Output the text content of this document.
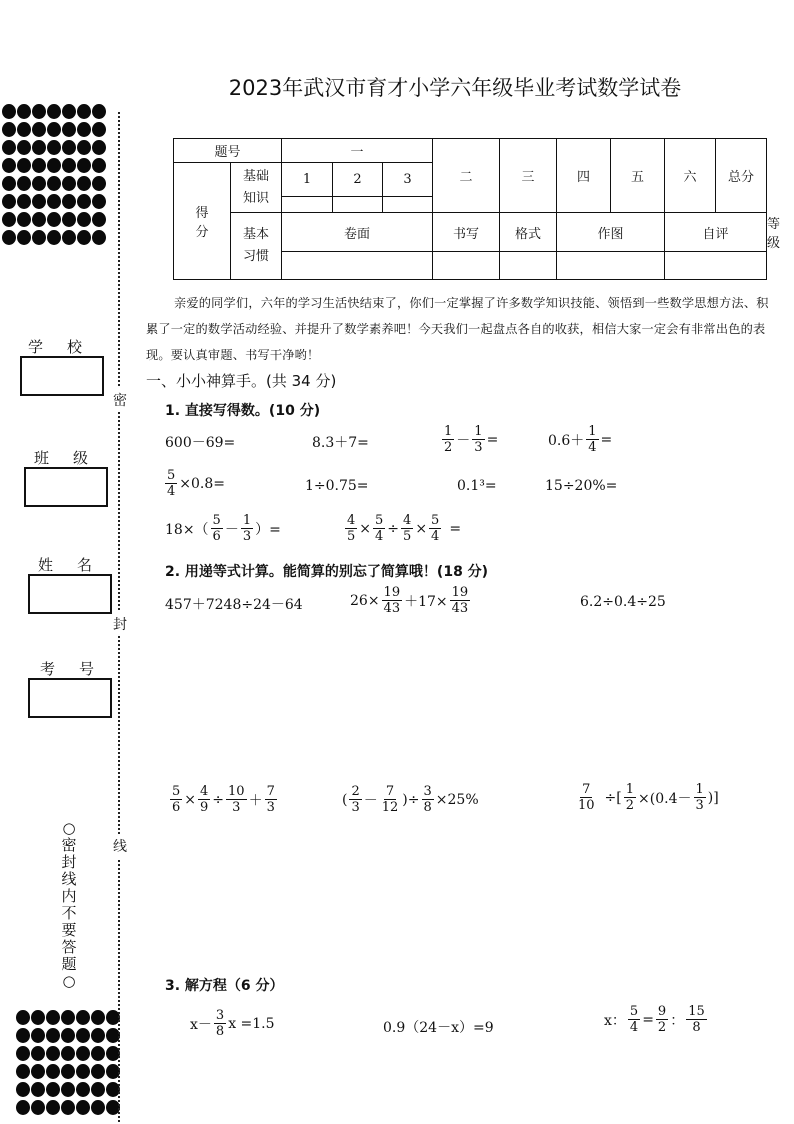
学校
班级
姓名
考号
密
封
线
○密封线内不要答题○
2023年武汉市育才小学六年级毕业考试数学试卷
题号		一			二	三	四	五	六	总分	
得分	基础知识	1	2	3							

	基本习惯	卷面			书写	格式	作图		自评		等级

亲爱的同学们，六年的学习生活快结束了，你们一定掌握了许多数学知识技能、领悟到一些数学思想方法、积累了一定的数学活动经验、并提升了数学素养吧！今天我们一起盘点各自的收获，相信大家一定会有非常出色的表现。要认真审题、书写干净哟！
一、小小神算手。(共 34 分)
1. 直接写得数。(10 分)
600－69=	8.3＋7=
1
$2 - \frac{1}{3}$ =	$0.6+ \frac{1}{4}$ =
$\frac{5}{4} \times 0.8=$	1÷0.75=	0.1³=	15÷20%=
18×（
5
6 －
1
3 ）=	$\frac{4}{5} \times \frac{5}{4} \div \frac{4}{5} \times \frac{5}{4}$ =
2. 用递等式计算。能简算的别忘了简算哦！(18 分)
457＋7248÷24－64	$26\times \frac{19}{43} +17\times \frac{19}{43}$	6.2÷0.4÷25
$\frac{5}{6} \times \frac{4}{9} \div \frac{10}{3}$ ＋
7
3	( 2
3 －
7
12 )÷ $\frac{3}{8} \times 25\%$	$\frac{7}{10}$ ÷[ $\frac{1}{2} \times(0.4-$
1
3 )]
3. 解方程（6 分）
x－
3
8 x =1.5	0.9（24－x）=9	x： $\frac{5}{4} = \frac{9}{2}$ ：
15
8
